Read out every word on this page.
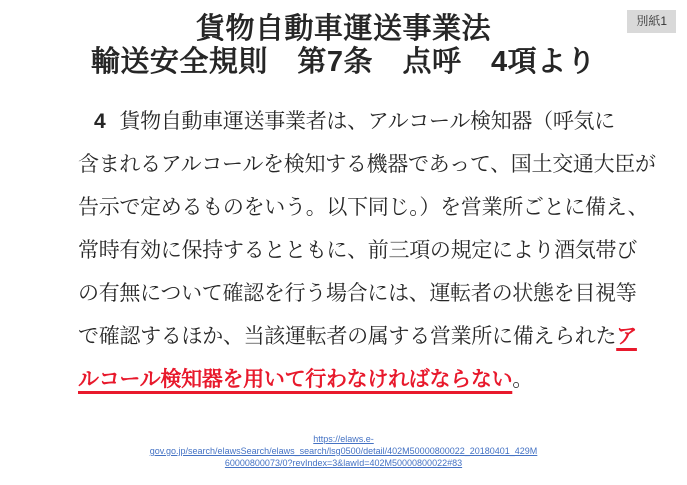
別紙1
貨物自動車運送事業法
輸送安全規則　第7条　点呼　4項より
4 貨物自動車運送事業者は、アルコール検知器（呼気に
含まれるアルコールを検知する機器であって、国土交通大臣が
告示で定めるものをいう。以下同じ。）を営業所ごとに備え、
常時有効に保持するとともに、前三項の規定により酒気帯び
の有無について確認を行う場合には、運転者の状態を目視等
で確認するほか、当該運転者の属する営業所に備えられたア
ルコール検知器を用いて行わなければならない。
https://elaws.e-
gov.go.jp/search/elawsSearch/elaws_search/lsg0500/detail/402M50000800022_20180401_429M
60000800073/0?revIndex=3&lawId=402M50000800022#83
